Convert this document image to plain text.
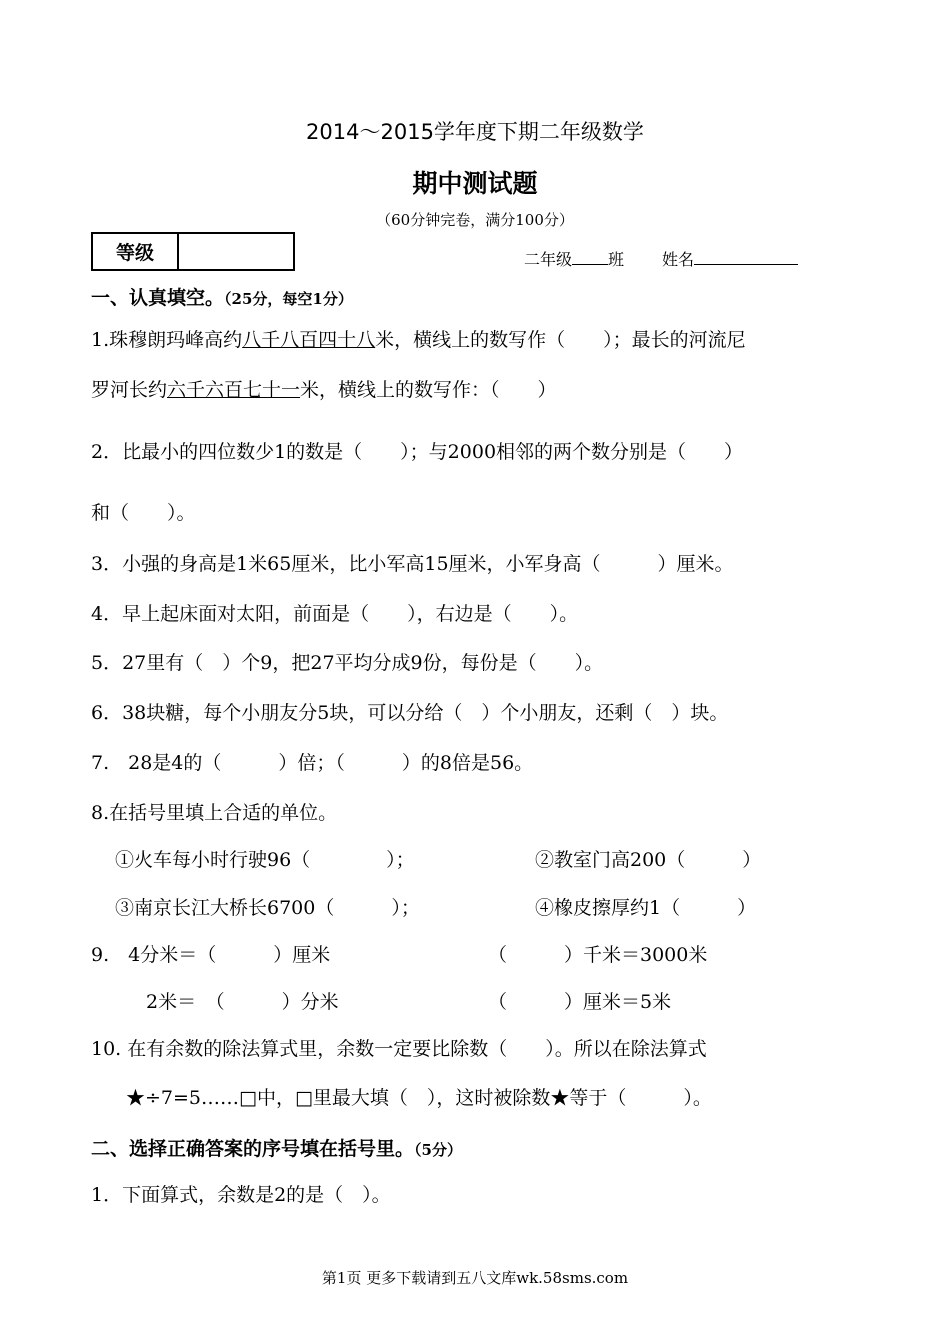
2014～2015学年度下期二年级数学
期中测试题
（60分钟完卷，满分100分）
等级	二年级 班 姓名
一、认真填空。（25分，每空1分）
1.珠穆朗玛峰高约八千八百四十八米，横线上的数写作（　　）；最长的河流尼
罗河长约六千六百七十一米，横线上的数写作：（　　）
2．比最小的四位数少1的数是（　　）；与2000相邻的两个数分别是（　　）
和（　　）。
3．小强的身高是1米65厘米，比小军高15厘米，小军身高（　　　）厘米。
4．早上起床面对太阳，前面是（　　），右边是（　　）。
5．27里有（　）个9，把27平均分成9份，每份是（　　）。
6．38块糖，每个小朋友分5块，可以分给（　）个小朋友，还剩（　）块。
7.　28是4的（　　　）倍；（　　　）的8倍是56。
8.在括号里填上合适的单位。
①火车每小时行驶96（　　　　）；	②教室门高200（　　　）
③南京长江大桥长6700（　　　）；	④橡皮擦厚约1（　　　）
9.　4分米＝（　　　）厘米	（　　　）千米＝3000米
2米＝　（　　　）分米	（　　　）厘米＝5米
10. 在有余数的除法算式里，余数一定要比除数（　　）。所以在除法算式
★÷7=5……□中，□里最大填（　），这时被除数★等于（　　　）。
二、选择正确答案的序号填在括号里。（5分）
1．下面算式，余数是2的是（　）。
第1页 更多下载请到五八文库wk.58sms.com
